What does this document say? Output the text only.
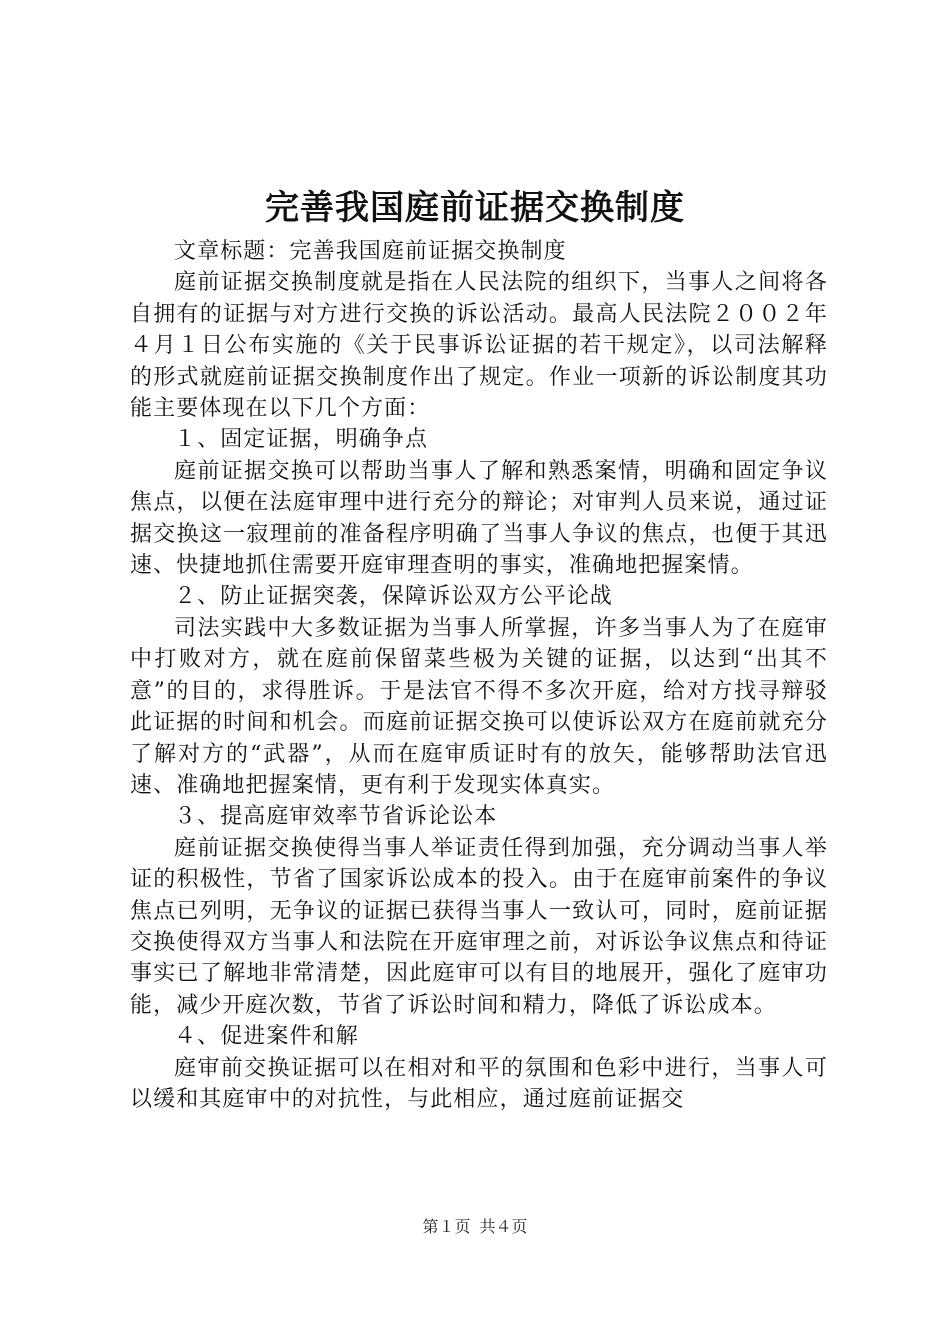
完善我国庭前证据交换制度

文章标题：完善我国庭前证据交换制度

庭前证据交换制度就是指在人民法院的组织下，当事人之间将各自拥有的证据与对方进行交换的诉讼活动。最高人民法院２００２年４月１日公布实施的《关于民事诉讼证据的若干规定》，以司法解释的形式就庭前证据交换制度作出了规定。作业一项新的诉讼制度其功能主要体现在以下几个方面：

１、固定证据，明确争点

庭前证据交换可以帮助当事人了解和熟悉案情，明确和固定争议焦点，以便在法庭审理中进行充分的辩论；对审判人员来说，通过证据交换这一寂理前的准备程序明确了当事人争议的焦点，也便于其迅速、快捷地抓住需要开庭审理查明的事实，准确地把握案情。

２、防止证据突袭，保障诉讼双方公平论战

司法实践中大多数证据为当事人所掌握，许多当事人为了在庭审中打败对方，就在庭前保留菜些极为关键的证据，以达到“出其不意”的目的，求得胜诉。于是法官不得不多次开庭，给对方找寻辩驳此证据的时间和机会。而庭前证据交换可以使诉讼双方在庭前就充分了解对方的“武器”，从而在庭审质证时有的放矢，能够帮助法官迅速、准确地把握案情，更有利于发现实体真实。

３、提高庭审效率节省诉论讼本

庭前证据交换使得当事人举证责任得到加强，充分调动当事人举证的积极性，节省了国家诉讼成本的投入。由于在庭审前案件的争议焦点已列明，无争议的证据已获得当事人一致认可，同时，庭前证据交换使得双方当事人和法院在开庭审理之前，对诉讼争议焦点和待证事实已了解地非常清楚，因此庭审可以有目的地展开，强化了庭审功能，减少开庭次数，节省了诉讼时间和精力，降低了诉讼成本。

４、促进案件和解

庭审前交换证据可以在相对和平的氛围和色彩中进行，当事人可以缓和其庭审中的对抗性，与此相应，通过庭前证据交

第１页 共４页
